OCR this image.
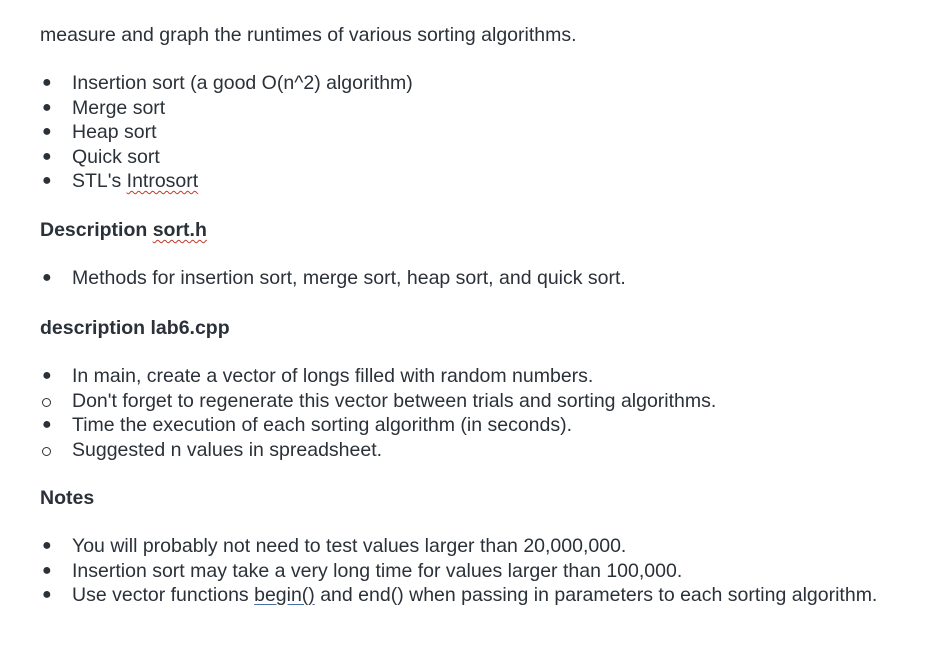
measure and graph the runtimes of various sorting algorithms.

● Insertion sort (a good O(n^2) algorithm)
● Merge sort
● Heap sort
● Quick sort
● STL's Introsort

Description sort.h

● Methods for insertion sort, merge sort, heap sort, and quick sort.

description lab6.cpp

● In main, create a vector of longs filled with random numbers.
Don't forget to regenerate this vector between trials and sorting algorithms.
● Time the execution of each sorting algorithm (in seconds).
Suggested n values in spreadsheet.

Notes

● You will probably not need to test values larger than 20,000,000.
● Insertion sort may take a very long time for values larger than 100,000.
● Use vector functions begin() and end() when passing in parameters to each sorting algorithm.
